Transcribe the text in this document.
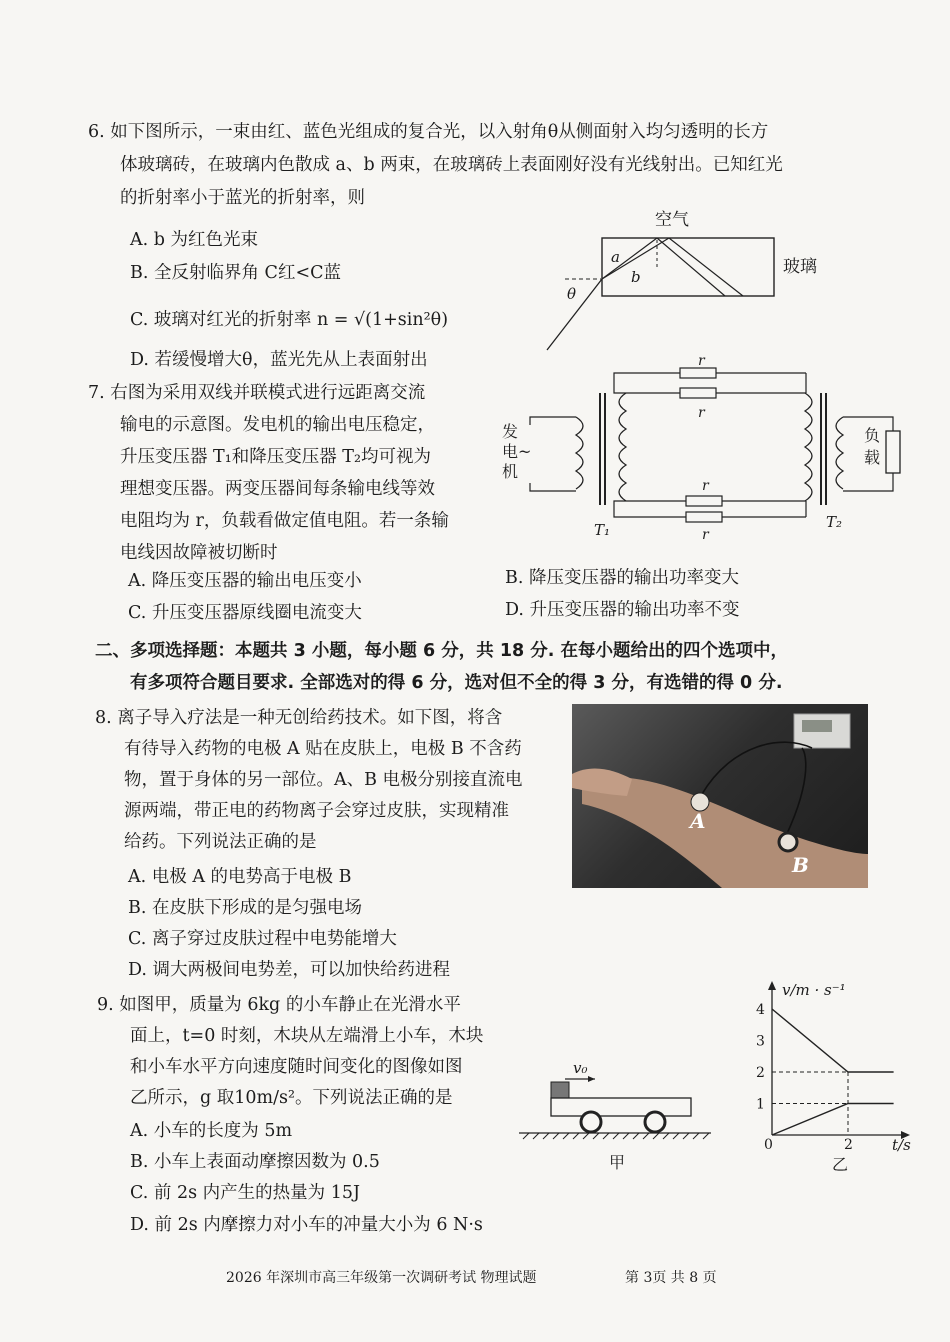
6. 如下图所示，一束由红、蓝色光组成的复合光，以入射角θ从侧面射入均匀透明的长方
体玻璃砖，在玻璃内色散成 a、b 两束，在玻璃砖上表面刚好没有光线射出。已知红光
的折射率小于蓝光的折射率，则
A. b 为红色光束
B. 全反射临界角 C红<C蓝
C. 玻璃对红光的折射率 n = √(1+sin²θ)
D. 若缓慢增大θ，蓝光先从上表面射出
空气
玻璃
a
b
θ
7. 右图为采用双线并联模式进行远距离交流
输电的示意图。发电机的输出电压稳定，
升压变压器 T₁和降压变压器 T₂均可视为
理想变压器。两变压器间每条输电线等效
电阻均为 r，负载看做定值电阻。若一条输
电线因故障被切断时
发
电
机
~
负
载
r
r
r
r
T₁	T₂
A. 降压变压器的输出电压变小	B. 降压变压器的输出功率变大
C. 升压变压器原线圈电流变大	D. 升压变压器的输出功率不变
二、多项选择题：本题共 3 小题，每小题 6 分，共 18 分. 在每小题给出的四个选项中，
有多项符合题目要求. 全部选对的得 6 分，选对但不全的得 3 分，有选错的得 0 分.
8. 离子导入疗法是一种无创给药技术。如下图，将含
有待导入药物的电极 A 贴在皮肤上，电极 B 不含药
物，置于身体的另一部位。A、B 电极分别接直流电
源两端，带正电的药物离子会穿过皮肤，实现精准
给药。下列说法正确的是
A
B
A. 电极 A 的电势高于电极 B
B. 在皮肤下形成的是匀强电场
C. 离子穿过皮肤过程中电势能增大
D. 调大两极间电势差，可以加快给药进程
9. 如图甲，质量为 6kg 的小车静止在光滑水平
面上，t=0 时刻，木块从左端滑上小车，木块
和小车水平方向速度随时间变化的图像如图
乙所示，g 取10m/s²。下列说法正确的是
A. 小车的长度为 5m
B. 小车上表面动摩擦因数为 0.5
C. 前 2s 内产生的热量为 15J
D. 前 2s 内摩擦力对小车的冲量大小为 6 N·s
v₀
甲
v/m · s⁻¹
t/s
0	2
1
2
3
4
乙
2026 年深圳市高三年级第一次调研考试 物理试题	第 3页 共 8 页
